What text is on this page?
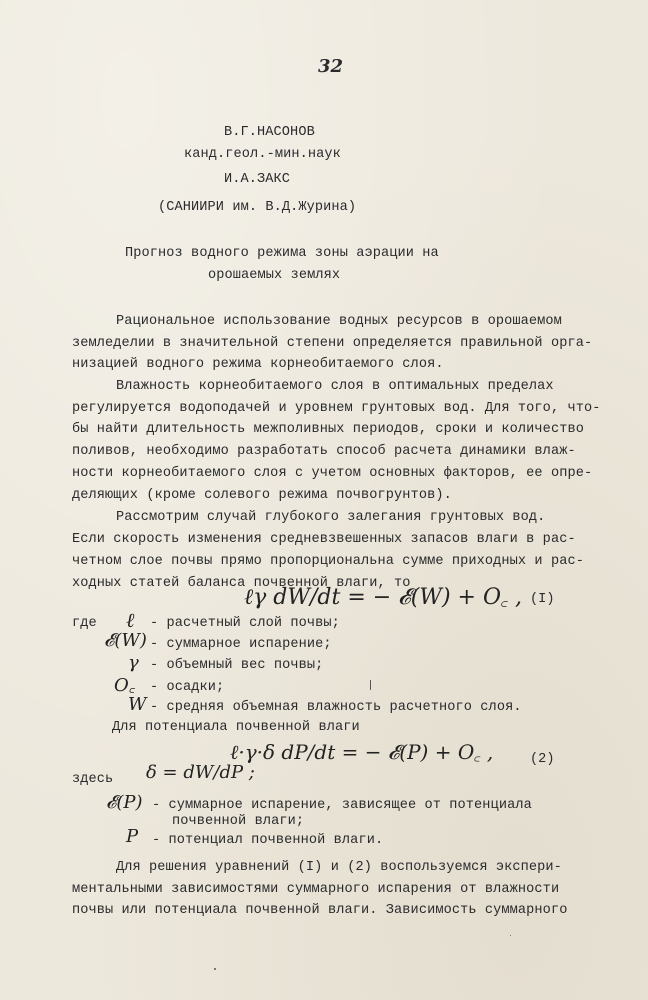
32
В.Г.НАСОНОВ
канд.геол.-мин.наук
И.А.ЗАКС
(САНИИРИ им. В.Д.Журина)
Прогноз водного режима зоны аэрации на
орошаемых землях
Рациональное использование водных ресурсов в орошаемом
земледелии в значительной степени определяется правильной орга-
низацией водного режима корнеобитаемого слоя.
Влажность корнеобитаемого слоя в оптимальных пределах
регулируется водоподачей и уровнем грунтовых вод. Для того, что-
бы найти длительность межполивных периодов, сроки и количество
поливов, необходимо разработать способ расчета динамики влаж-
ности корнеобитаемого слоя с учетом основных факторов, ее опре-
деляющих (кроме солевого режима почвогрунтов).
Рассмотрим случай глубокого залегания грунтовых вод.
Если скорость изменения средневзвешенных запасов влаги в рас-
четном слое почвы прямо пропорциональна сумме приходных и рас-
ходных статей баланса почвенной влаги, то
ℓγ dW/dt = − 𝓔(W) + O꜀ , (I)
где ℓ - расчетный слой почвы;
𝓔(W) - суммарное испарение;
γ - объемный вес почвы;
O꜀ - осадки;
W - средняя объемная влажность расчетного слоя.
Для потенциала почвенной влаги
ℓ·γ·δ dP/dt = − 𝓔(P) + O꜀ ,	(2)
здесь δ = dW/dP ;
𝓔(P) - суммарное испарение, зависящее от потенциала
почвенной влаги;
P - потенциал почвенной влаги.
Для решения уравнений (I) и (2) воспользуемся экспери-
ментальными зависимостями суммарного испарения от влажности
почвы или потенциала почвенной влаги. Зависимость суммарного
